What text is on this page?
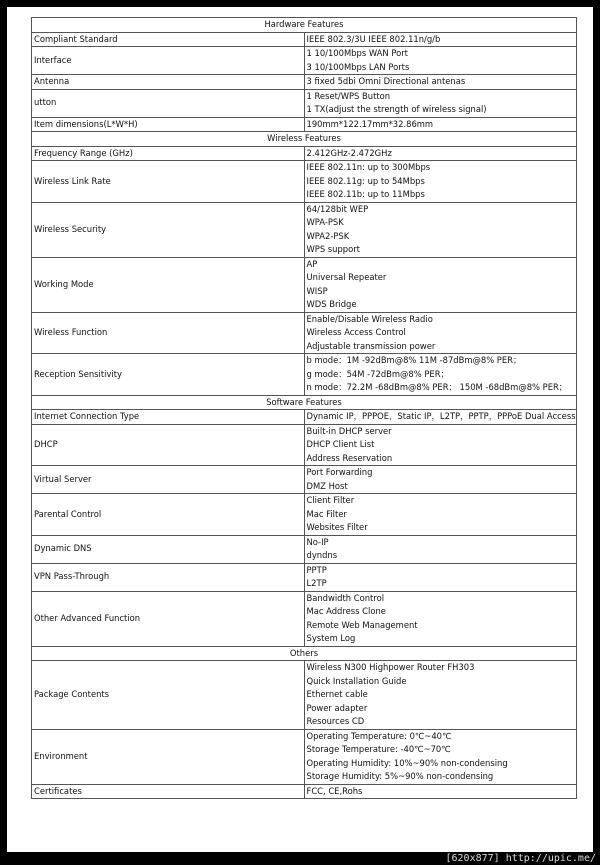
Hardware Features	
Compliant Standard	IEEE 802.3/3U IEEE 802.11n/g/b

Interface	1 10/100Mbps WAN Port
3 10/100Mbps LAN Ports

Antenna	3 fixed 5dbi Omni Directional antenas

utton	1 Reset/WPS Button
1 TX(adjust the strength of wireless signal)

Item dimensions(L*W*H)	190mm*122.17mm*32.86mm

Wireless Features	
Frequency Range (GHz)	2.412GHz-2.472GHz

Wireless Link Rate	IEEE 802.11n: up to 300Mbps
IEEE 802.11g: up to 54Mbps
IEEE 802.11b: up to 11Mbps

Wireless Security	64/128bit WEP
WPA-PSK
WPA2-PSK
WPS support

Working Mode	AP
Universal Repeater
WISP
WDS Bridge

Wireless Function	Enable/Disable Wireless Radio
Wireless Access Control
Adjustable transmission power

Reception Sensitivity	b mode：1M -92dBm@8% 11M -87dBm@8% PER；
g mode：54M -72dBm@8% PER；
n mode：72.2M -68dBm@8% PER； 150M -68dBm@8% PER；

Software Features	
Internet Connection Type	Dynamic IP，PPPOE，Static IP，L2TP，PPTP，PPPoE Dual Access

DHCP	Built-in DHCP server
DHCP Client List
Address Reservation

Virtual Server	Port Forwarding
DMZ Host

Parental Control	Client Filter
Mac Filter
Websites Filter

Dynamic DNS	No-IP
dyndns

VPN Pass-Through	PPTP
L2TP

Other Advanced Function	Bandwidth Control
Mac Address Clone
Remote Web Management
System Log

Others	
Package Contents	Wireless N300 Highpower Router FH303
Quick Installation Guide
Ethernet cable
Power adapter
Resources CD

Environment	Operating Temperature: 0℃~40℃
Storage Temperature: -40℃~70℃
Operating Humidity: 10%~90% non-condensing
Storage Humidity: 5%~90% non-condensing

Certificates	FCC, CE,Rohs
[620x877] http://upic.me/
